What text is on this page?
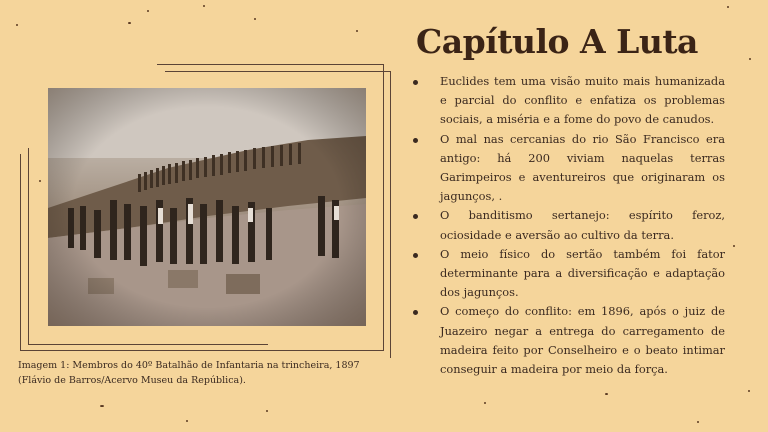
Capítulo A Luta
Imagem 1: Membros do 40º Batalhão de Infantaria na trincheira, 1897 (Flávio de Barros/Acervo Museu da República).
Euclides tem uma visão muito mais humanizada e parcial do conflito e enfatiza os problemas sociais, a miséria e a fome do povo de canudos.
O mal nas cercanias do rio São Francisco era antigo: há 200 viviam naquelas terras Garimpeiros e aventureiros que originaram os jagunços, .
O banditismo sertanejo: espírito feroz, ociosidade e aversão ao cultivo da terra.
O meio físico do sertão também foi fator determinante para a diversificação e adaptação dos jagunços.
O começo do conflito: em 1896, após o juiz de Juazeiro negar a entrega do carregamento de madeira feito por Conselheiro e o beato intimar conseguir a madeira por meio da força.
